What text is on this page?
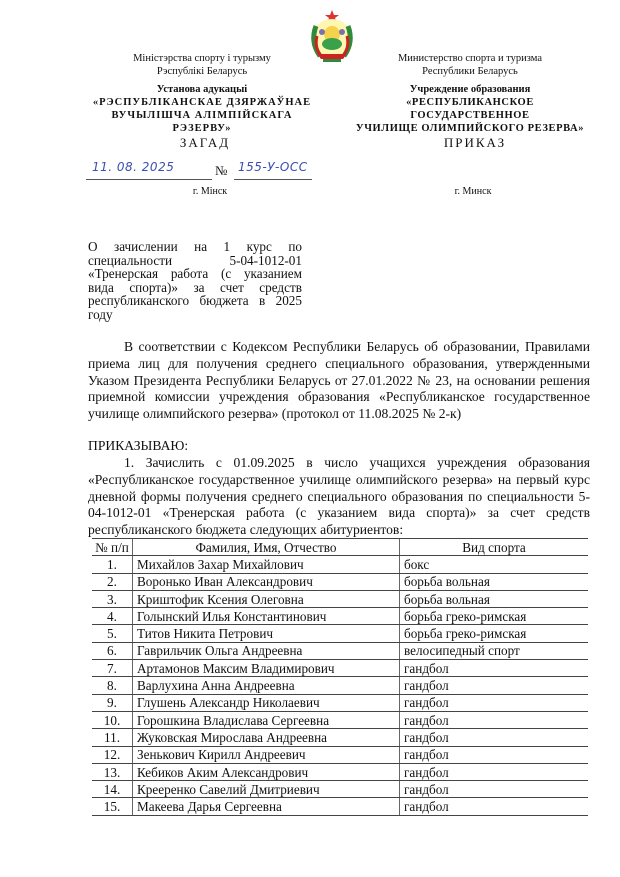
Міністэрства спорту і турызму
Рэспублікі Беларусь
Установа адукацыі
«РЭСПУБЛІКАНСКАЕ ДЗЯРЖАЎНАЕ
ВУЧЫЛІШЧА АЛІМПІЙСКАГА РЭЗЕРВУ»
Министерство спорта и туризма
Республики Беларусь
Учреждение образования
«РЕСПУБЛИКАНСКОЕ ГОСУДАРСТВЕННОЕ
УЧИЛИЩЕ ОЛИМПИЙСКОГО РЕЗЕРВА»
ЗАГАД	ПРИКАЗ
11. 08. 2025	№ 155-У-ОСС
г. Мінск	г. Минск
О зачислении на 1 курс по специальности 5-04-1012-01 «Тренерская работа (с указанием вида спорта)» за счет средств республиканского бюджета в 2025 году
В соответствии с Кодексом Республики Беларусь об образовании, Правилами приема лиц для получения среднего специального образования, утвержденными Указом Президента Республики Беларусь от 27.01.2022 № 23, на основании решения приемной комиссии учреждения образования «Республиканское государственное училище олимпийского резерва» (протокол от 11.08.2025 № 2-к)
ПРИКАЗЫВАЮ:
1. Зачислить с 01.09.2025 в число учащихся учреждения образования «Республиканское государственное училище олимпийского резерва» на первый курс дневной формы получения среднего специального образования по специальности 5-04-1012-01 «Тренерская работа (с указанием вида спорта)» за счет средств республиканского бюджета следующих абитуриентов:
№ п/п	Фамилия, Имя, Отчество	Вид спорта
1.	Михайлов Захар Михайлович	бокс
2.	Воронько Иван Александрович	борьба вольная
3.	Криштофик Ксения Олеговна	борьба вольная
4.	Голынский Илья Константинович	борьба греко-римская
5.	Титов Никита Петрович	борьба греко-римская
6.	Гаврильчик Ольга Андреевна	велосипедный спорт
7.	Артамонов Максим Владимирович	гандбол
8.	Варлухина Анна Андреевна	гандбол
9.	Глушень Александр Николаевич	гандбол
10.	Горошкина Владислава Сергеевна	гандбол
11.	Жуковская Мирослава Андреевна	гандбол
12.	Зенькович Кирилл Андреевич	гандбол
13.	Кебиков Аким Александрович	гандбол
14.	Креeренко Савелий Дмитриевич	гандбол
15.	Макеева Дарья Сергеевна	гандбол
